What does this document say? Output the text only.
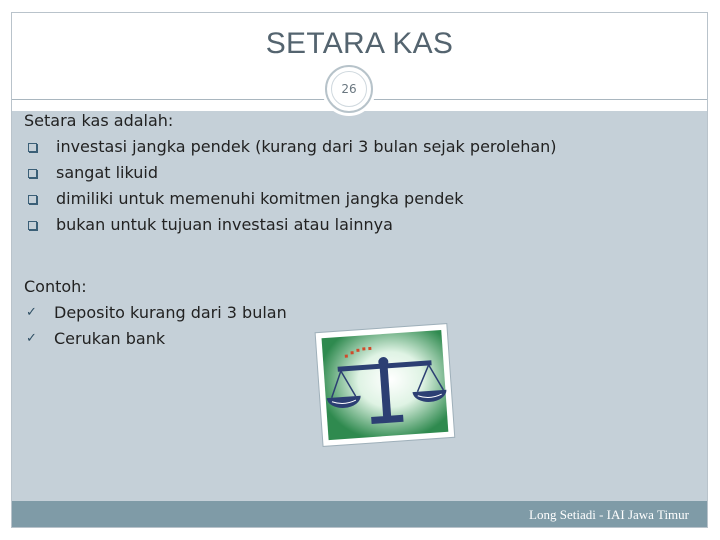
SETARA KAS
Long Setiadi - IAI Jawa Timur
26
Setara kas adalah:
investasi jangka pendek (kurang dari 3 bulan sejak perolehan)
sangat likuid
dimiliki untuk memenuhi komitmen jangka pendek
bukan untuk tujuan investasi atau lainnya
Contoh:
✓ Deposito kurang dari 3 bulan
✓ Cerukan bank
